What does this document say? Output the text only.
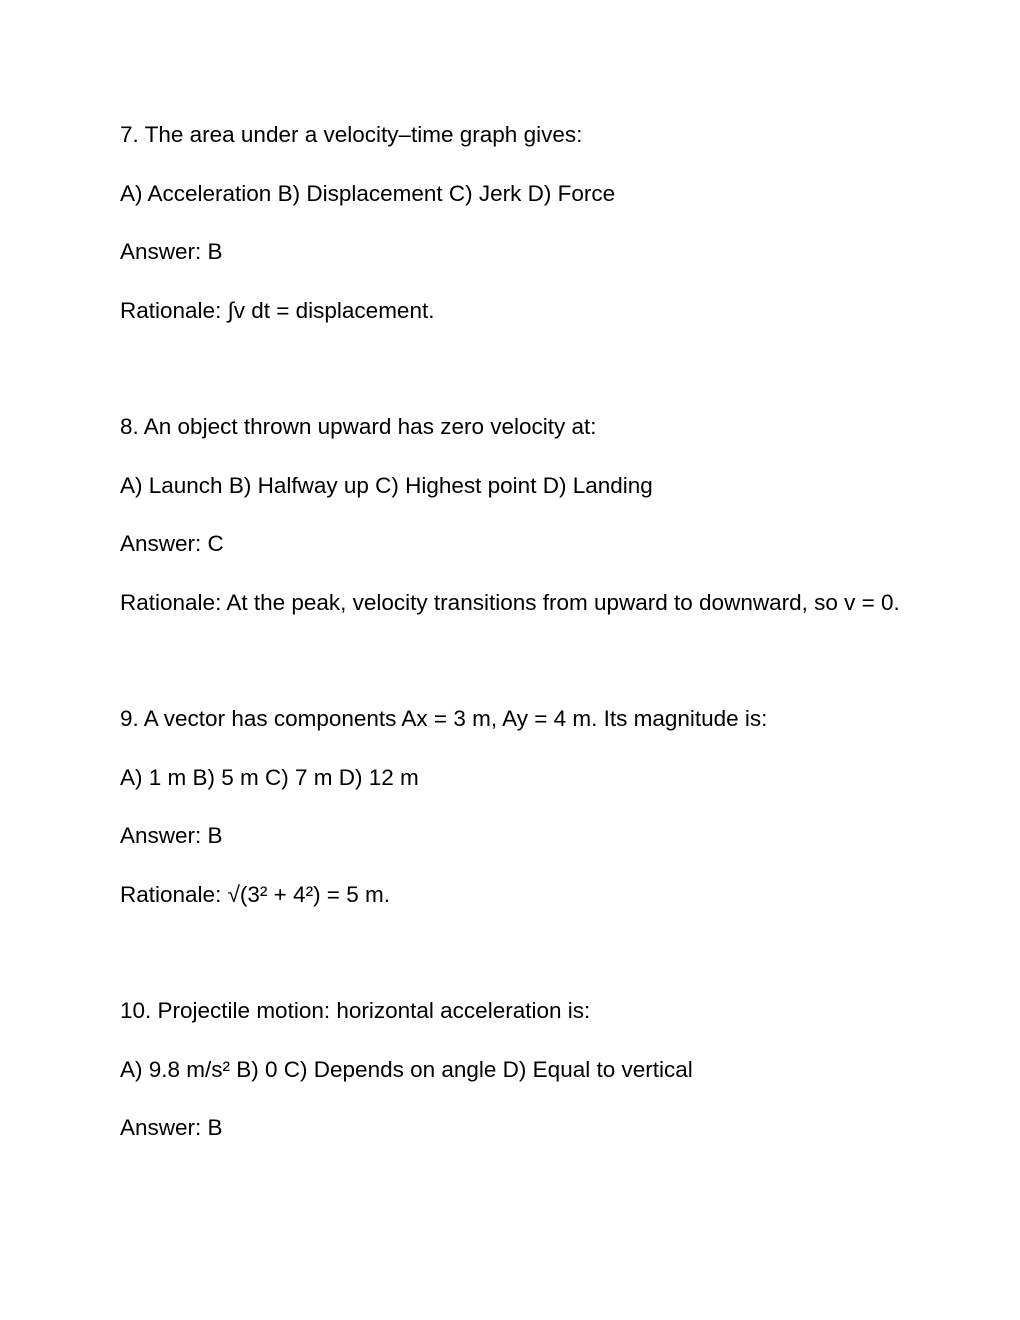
7. The area under a velocity–time graph gives:

A) Acceleration B) Displacement C) Jerk D) Force

Answer: B

Rationale: ∫v dt = displacement.

8. An object thrown upward has zero velocity at:

A) Launch B) Halfway up C) Highest point D) Landing

Answer: C

Rationale: At the peak, velocity transitions from upward to downward, so v = 0.

9. A vector has components Ax = 3 m, Ay = 4 m. Its magnitude is:

A) 1 m B) 5 m C) 7 m D) 12 m

Answer: B

Rationale: √(3² + 4²) = 5 m.

10. Projectile motion: horizontal acceleration is:

A) 9.8 m/s² B) 0 C) Depends on angle D) Equal to vertical

Answer: B
